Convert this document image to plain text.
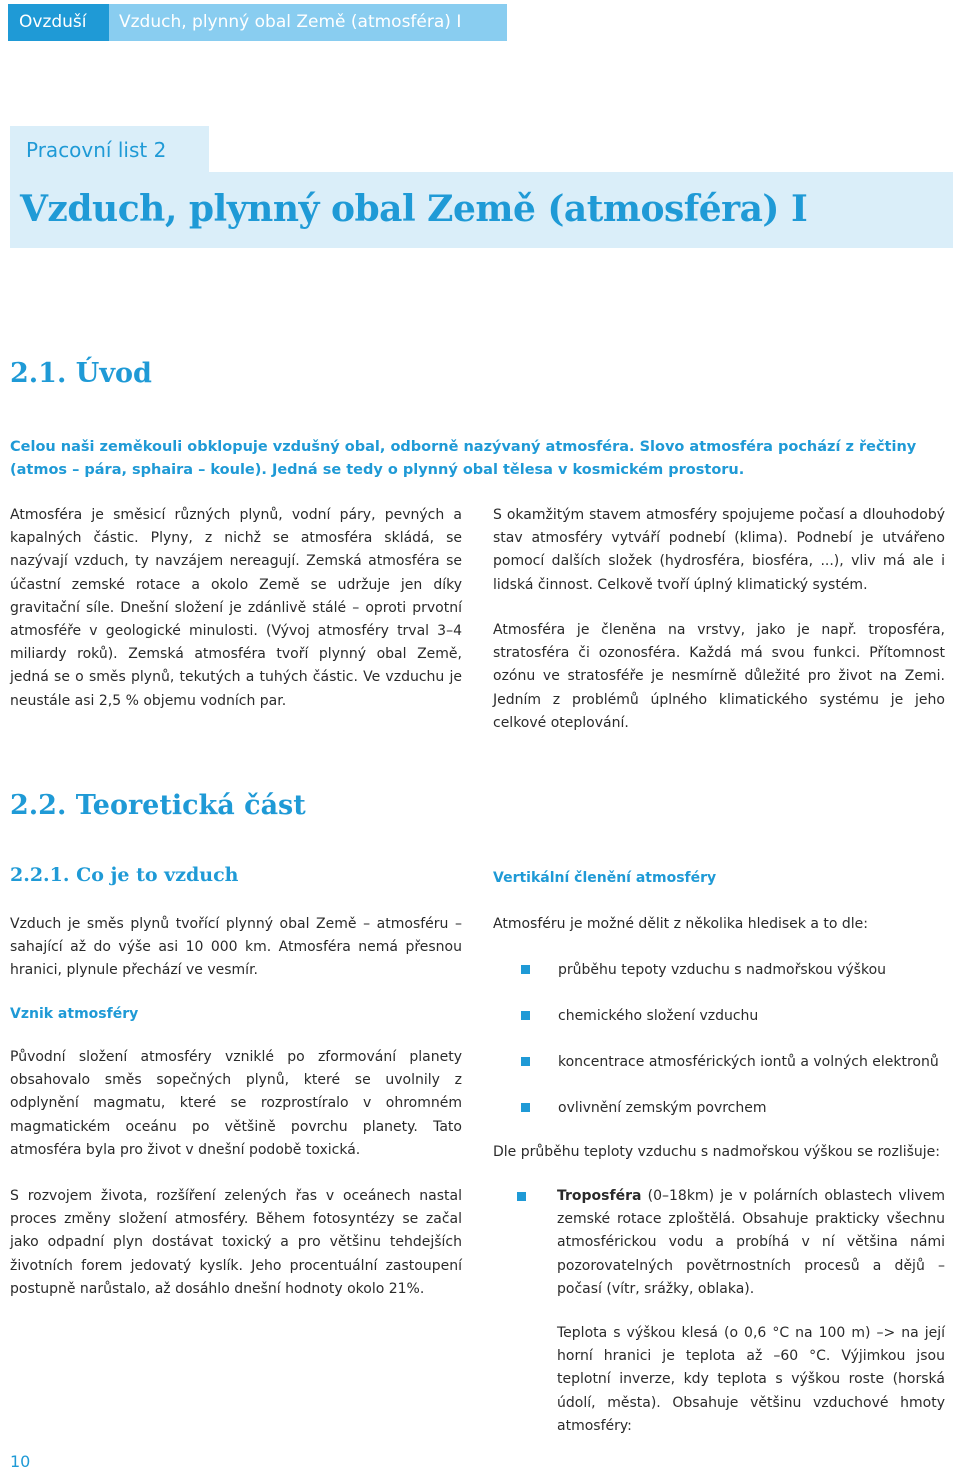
Ovzduší	Vzduch, plynný obal Země (atmosféra) I
Pracovní list 2
Vzduch, plynný obal Země (atmosféra) I
2.1. Úvod
Celou naši zeměkouli obklopuje vzdušný obal, odborně nazývaný atmosféra. Slovo atmosféra pochází z řečtiny (atmos – pára, sphaira – koule). Jedná se tedy o plynný obal tělesa v kosmickém prostoru.
Atmosféra je směsicí různých plynů, vodní páry, pevných a kapalných částic. Plyny, z nichž se atmosféra skládá, se nazývají vzduch, ty navzájem nereagují. Zemská atmosféra se účastní zemské rotace a okolo Země se udržuje jen díky gravitační síle. Dnešní složení je zdánlivě stálé – oproti prvotní atmosféře v geologické minulosti. (Vývoj atmosféry trval 3–4 miliardy roků). Zemská atmosféra tvoří plynný obal Země, jedná se o směs plynů, tekutých a tuhých částic. Ve vzduchu je neustále asi 2,5 % objemu vodních par.
S okamžitým stavem atmosféry spojujeme počasí a dlouhodobý stav atmosféry vytváří podnebí (klima). Podnebí je utvářeno pomocí dalších složek (hydrosféra, biosféra, ...), vliv má ale i lidská činnost. Celkově tvoří úplný klimatický systém.
Atmosféra je členěna na vrstvy, jako je např. troposféra, stratosféra či ozonosféra. Každá má svou funkci. Přítomnost ozónu ve stratosféře je nesmírně důležité pro život na Zemi. Jedním z problémů úplného klimatického systému je jeho celkové oteplování.
2.2. Teoretická část
2.2.1. Co je to vzduch
Vzduch je směs plynů tvořící plynný obal Země – atmosféru – sahající až do výše asi 10 000 km. Atmosféra nemá přesnou hranici, plynule přechází ve vesmír.
Vznik atmosféry
Původní složení atmosféry vzniklé po zformování planety obsahovalo směs sopečných plynů, které se uvolnily z odplynění magmatu, které se rozprostíralo v ohromném magmatickém oceánu po většině povrchu planety. Tato atmosféra byla pro život v dnešní podobě toxická.
S rozvojem života, rozšíření zelených řas v oceánech nastal proces změny složení atmosféry. Během fotosyntézy se začal jako odpadní plyn dostávat toxický a pro většinu tehdejších životních forem jedovatý kyslík. Jeho procentuální zastoupení postupně narůstalo, až dosáhlo dnešní hodnoty okolo 21%.
Vertikální členění atmosféry
Atmosféru je možné dělit z několika hledisek a to dle:
průběhu tepoty vzduchu s nadmořskou výškou
chemického složení vzduchu
koncentrace atmosférických iontů a volných elektronů
ovlivnění zemským povrchem
Dle průběhu teploty vzduchu s nadmořskou výškou se rozlišuje:
Troposféra (0–18km) je v polárních oblastech vlivem zemské rotace zploštělá. Obsahuje prakticky všechnu atmosférickou vodu a probíhá v ní většina námi pozorovatelných povětrnostních procesů a dějů – počasí (vítr, srážky, oblaka).
Teplota s výškou klesá (o 0,6 °C na 100 m) –> na její horní hranici je teplota až –60 °C. Výjimkou jsou teplotní inverze, kdy teplota s výškou roste (horská údolí, města). Obsahuje většinu vzduchové hmoty atmosféry:
10
